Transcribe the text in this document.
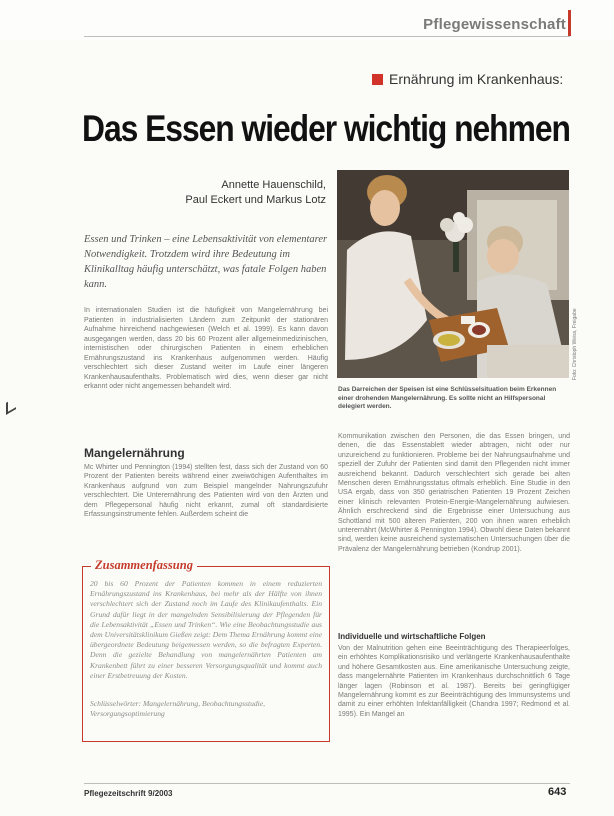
Pflegewissenschaft
Ernährung im Krankenhaus:
Das Essen wieder wichtig nehmen
Annette Hauenschild,
Paul Eckert und Markus Lotz
Essen und Trinken – eine Lebensaktivität von elementarer Notwendigkeit. Trotzdem wird ihre Bedeutung im Klinikalltag häufig unterschätzt, was fatale Folgen haben kann.
In internationalen Studien ist die häufigkeit von Mangelernährung bei Patienten in industrialisierten Ländern zum Zeitpunkt der stationären Aufnahme hinreichend nachgewiesen (Welch et al. 1999). Es kann davon ausgegangen werden, dass 20 bis 60 Prozent aller allgemeinmedizinischen, internistischen oder chirurgischen Patienten in einem erheblichen Ernährungszustand ins Krankenhaus aufgenommen werden. Häufig verschlechtert sich dieser Zustand weiter im Laufe einer längeren Krankenhausaufenthalts. Problematisch wird dies, wenn dieser gar nicht erkannt oder nicht angemessen behandelt wird.
Foto: Christoph Weiss, Freigabe
Das Darreichen der Speisen ist eine Schlüsselsituation beim Erkennen einer drohenden Mangelernährung. Es sollte nicht an Hilfspersonal delegiert werden.
Mangelernährung
Mc Whirter und Pennington (1994) stellten fest, dass sich der Zustand von 60 Prozent der Patienten bereits während einer zweiwöchigen Aufenthaltes im Krankenhaus aufgrund von zum Beispiel mangelnder Nahrungszufuhr verschlechtert. Die Unterernährung des Patienten wird von den Ärzten und dem Pflegepersonal häufig nicht erkannt, zumal oft standardisierte Erfassungsinstrumente fehlen. Außerdem scheint die
Kommunikation zwischen den Personen, die das Essen bringen, und denen, die das Essenstablett wieder abtragen, nicht oder nur unzureichend zu funktionieren. Probleme bei der Nahrungsaufnahme und speziell der Zufuhr der Patienten sind damit den Pflegenden nicht immer ausreichend bekannt. Dadurch verschlechtert sich gerade bei alten Menschen deren Ernährungsstatus oftmals erheblich. Eine Studie in den USA ergab, dass von 350 geriatrischen Patienten 19 Prozent Zeichen einer klinisch relevanten Protein-Energie-Mangelernährung aufwiesen. Ähnlich erschreckend sind die Ergebnisse einer Untersuchung aus Schottland mit 500 älteren Patienten, 200 von ihnen waren erheblich unterernährt (McWhirter & Pennington 1994). Obwohl diese Daten bekannt sind, werden keine ausreichend systematischen Untersuchungen über die Prävalenz der Mangelernährung betrieben (Kondrup 2001).
Individuelle und wirtschaftliche Folgen
Von der Malnutrition gehen eine Beeinträchtigung des Therapieerfolges, ein erhöhtes Komplikationsrisiko und verlängerte Krankenhausaufenthalte und höhere Gesamtkosten aus. Eine amerikanische Untersuchung zeigte, dass mangelernährte Patienten im Krankenhaus durchschnittlich 6 Tage länger lagen (Robinson et al. 1987). Bereits bei geringfügiger Mangelernährung kommt es zur Beeinträchtigung des Immunsystems und damit zu einer erhöhten Infektanfälligkeit (Chandra 1997; Redmond et al. 1995). Ein Mangel an
Zusammenfassung
20 bis 60 Prozent der Patienten kommen in einem reduzierten Ernährungszustand ins Krankenhaus, bei mehr als der Hälfte von ihnen verschlechtert sich der Zustand noch im Laufe des Klinikaufenthalts. Ein Grund dafür liegt in der mangelnden Sensibilisierung der Pflegenden für die Lebensaktivität „Essen und Trinken“. Wie eine Beobachtungsstudie aus dem Universitätsklinikum Gießen zeigt: Dem Thema Ernährung kommt eine übergeordnete Bedeutung beigemessen werden, so die befragten Experten. Denn die gezielte Behandlung von mangelernährten Patienten am Krankenbett führt zu einer besseren Versorgungsqualität und kommt auch einer Erstbetreuung der Kosten.
Schlüsselwörter: Mangelernährung, Beobachtungsstudie, Versorgungsoptimierung
Pflegezeitschrift 9/2003	643
